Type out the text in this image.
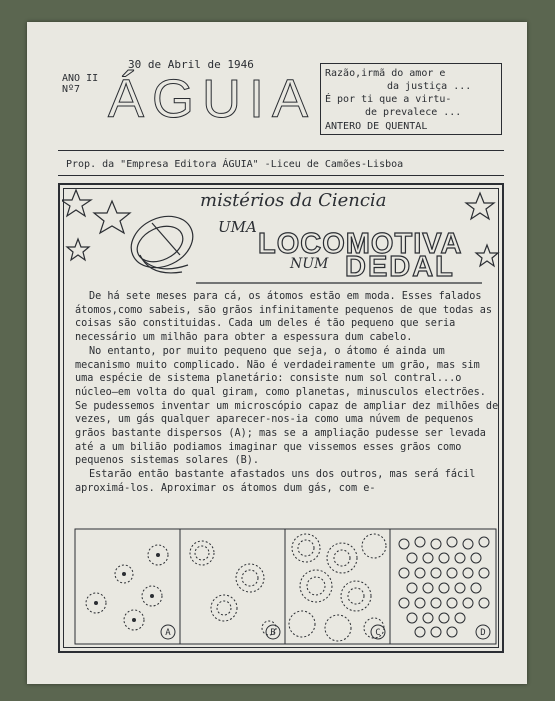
30 de Abril de 1946
ANO II
Nº7 ÁGUIA Razão,irmã do amor e
da justiça ...
É por ti que a virtu-
de prevalece ...
ANTERO DE QUENTAL
Prop. da "Empresa Editora ÁGUIA" -Liceu de Camões-Lisboa
mistérios da Ciencia
UMA
LOCOMOTIVA
NUM DEDAL

De há sete meses para cá, os átomos estão em moda. Esses falados átomos,como sabeis, são grãos infinitamente pequenos de que todas as coisas são constituidas. Cada um deles é tão pequeno que seria necessário um milhão para obter a espessura dum cabelo.

No entanto, por muito pequeno que seja, o átomo é ainda um mecanismo muito complicado. Não é verdadeiramente um grão, mas sim uma espécie de sistema planetário: consiste num sol contral...o núcleo—em volta do qual giram, como planetas, minusculos electrões. Se pudessemos inventar um microscópio capaz de ampliar dez milhões de vezes, um gás qualquer aparecer-nos-ia como uma núvem de pequenos grãos bastante dispersos (A); mas se a ampliação pudesse ser levada até a um bilião podiamos imaginar que vissemos esses grãos como pequenos sistemas solares (B).

Estarão então bastante afastados uns dos outros, mas será fácil aproximá-los. Aproximar os átomos dum gás, com e-

A	B	C	D
